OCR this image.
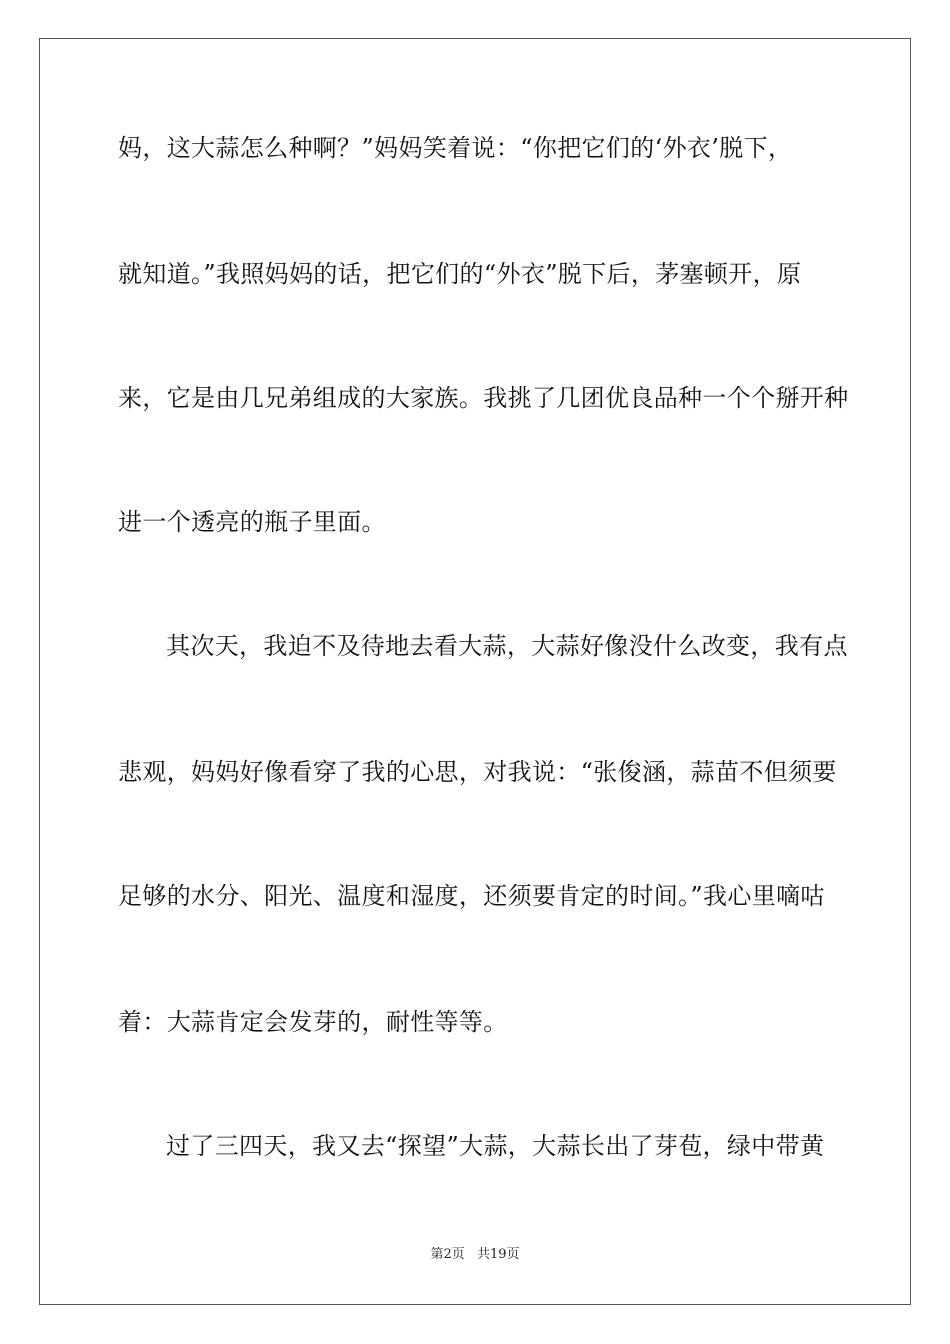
妈，这大蒜怎么种啊？”妈妈笑着说：“你把它们的‘外衣’脱下，
就知道。”我照妈妈的话，把它们的“外衣”脱下后，茅塞顿开，原
来，它是由几兄弟组成的大家族。我挑了几团优良品种一个个掰开种
进一个透亮的瓶子里面。
其次天，我迫不及待地去看大蒜，大蒜好像没什么改变，我有点
悲观，妈妈好像看穿了我的心思，对我说：“张俊涵，蒜苗不但须要
足够的水分、阳光、温度和湿度，还须要肯定的时间。”我心里嘀咕
着：大蒜肯定会发芽的，耐性等等。
过了三四天，我又去“探望”大蒜，大蒜长出了芽苞，绿中带黄
第2页 共19页
